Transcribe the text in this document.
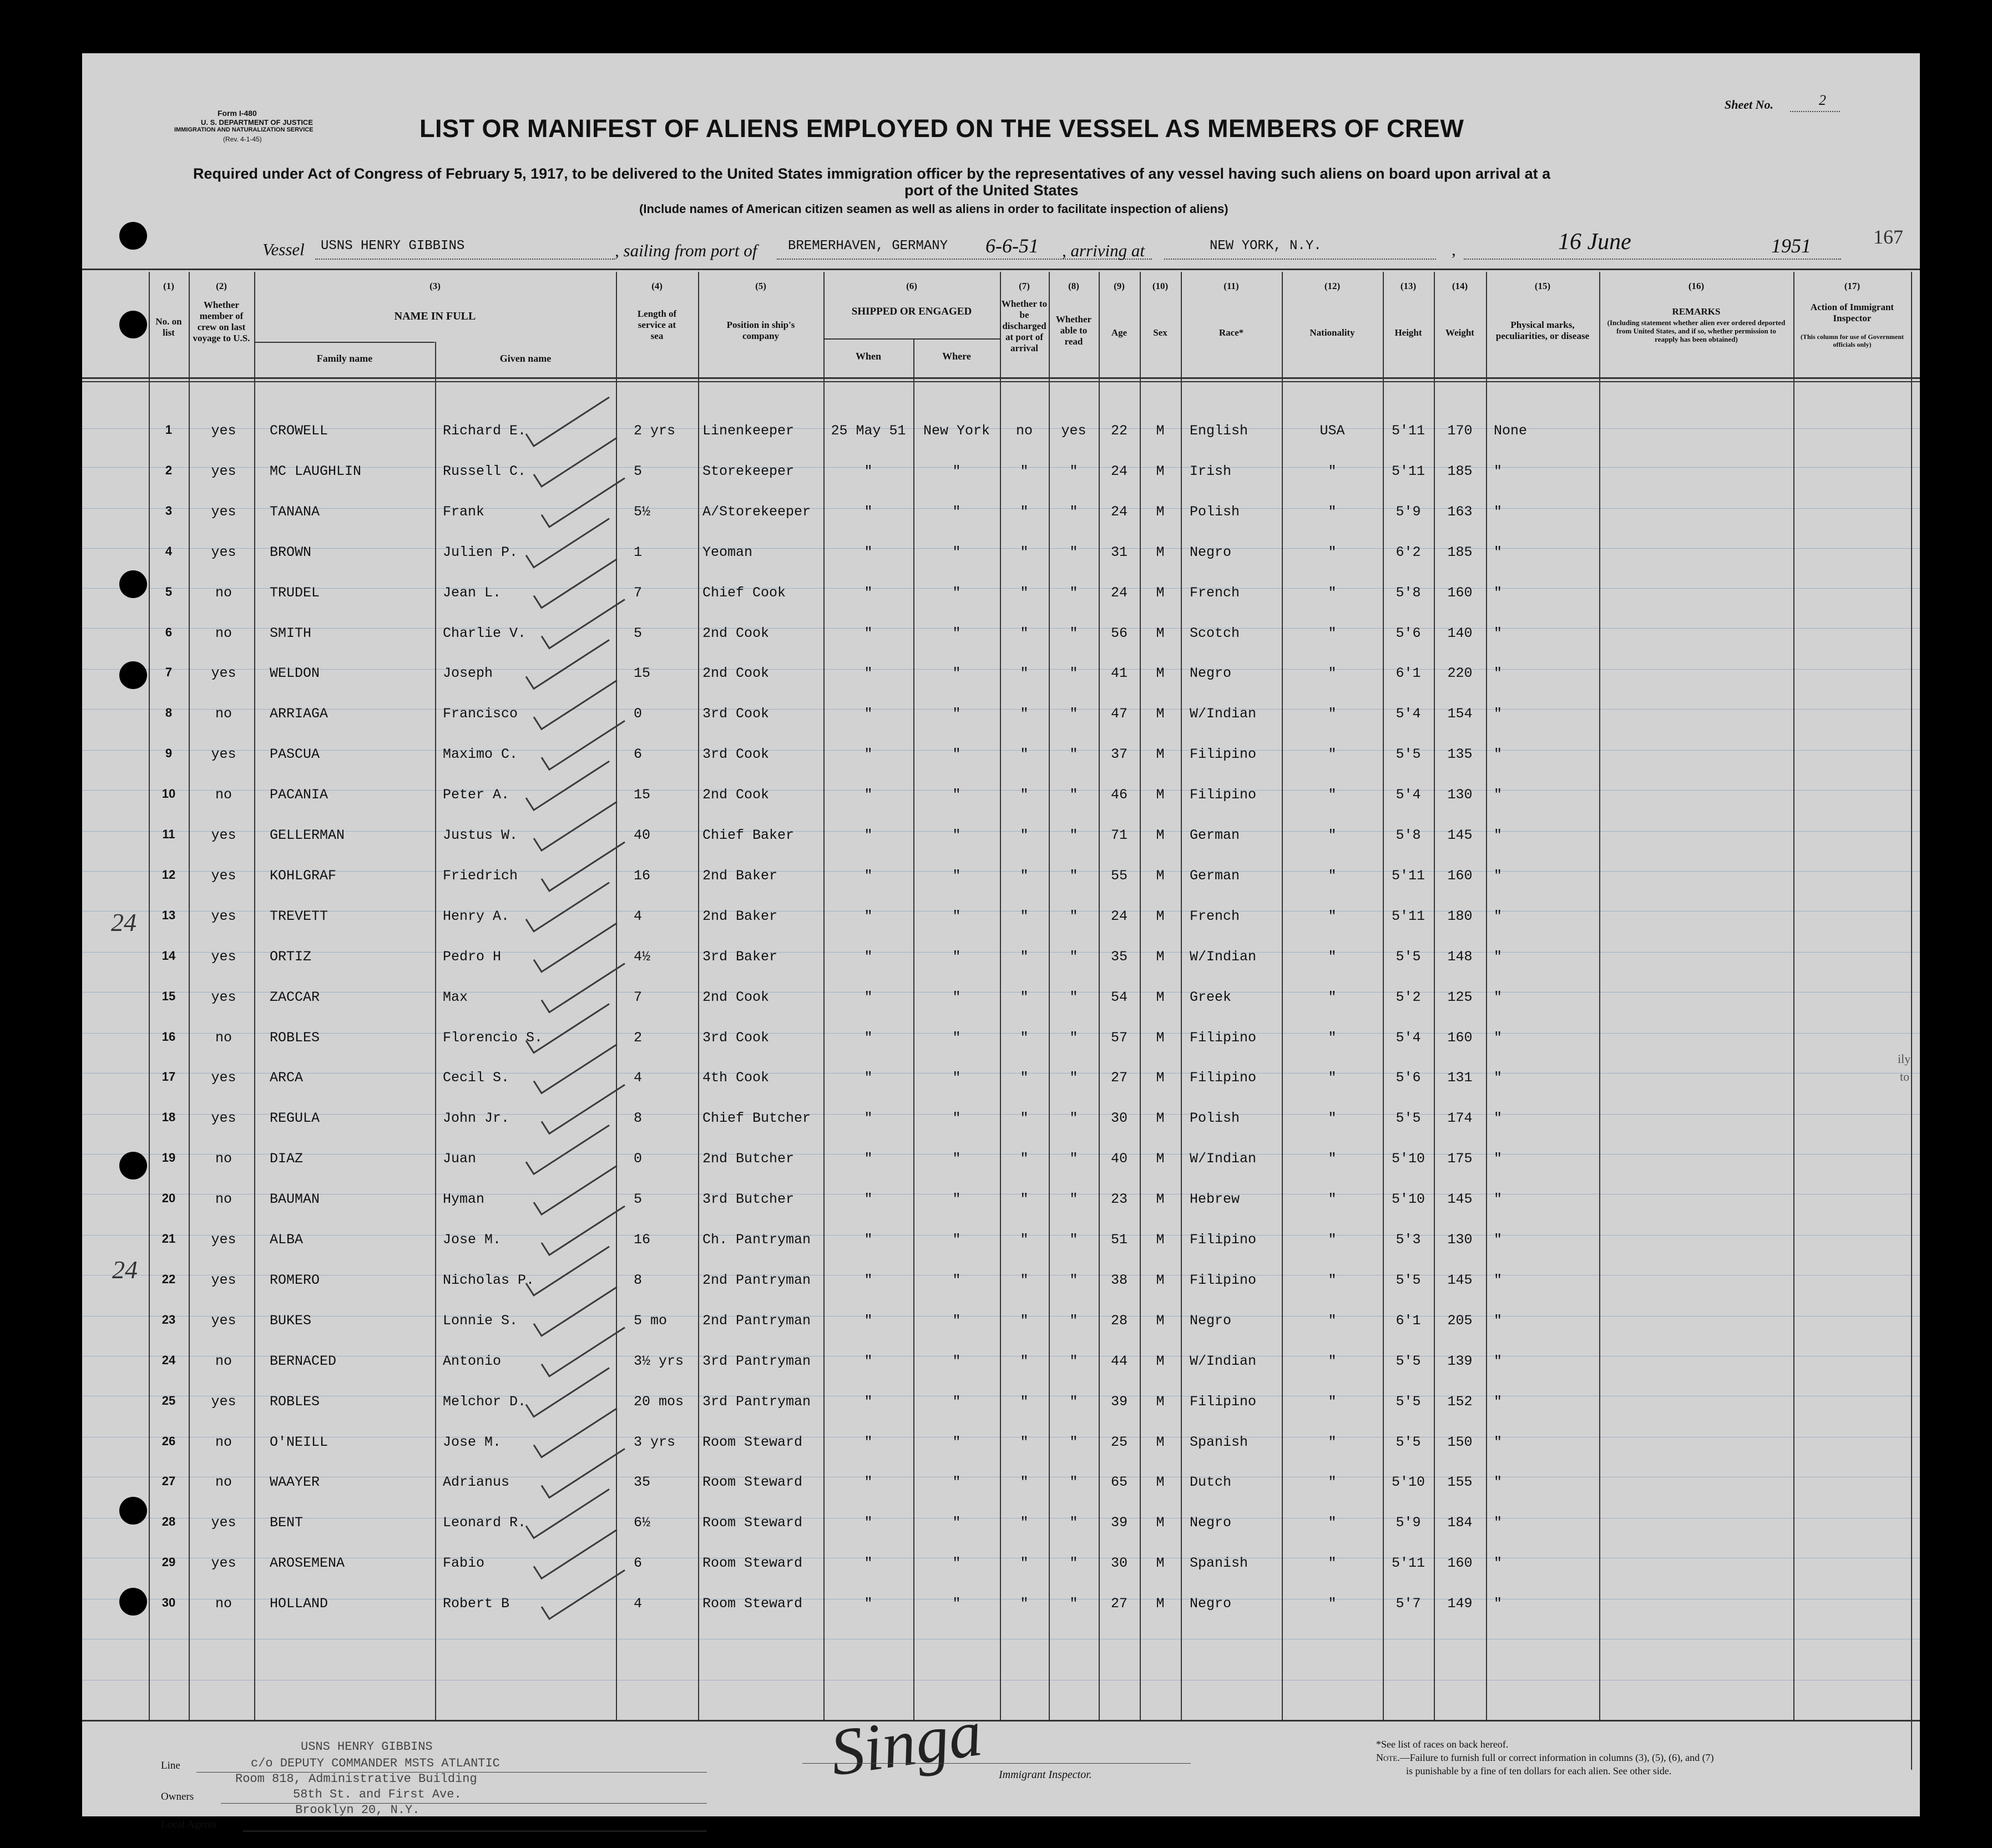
Form I-480
U. S. DEPARTMENT OF JUSTICE
IMMIGRATION AND NATURALIZATION SERVICE
(Rev. 4-1-45)
Sheet No.	2
LIST OR MANIFEST OF ALIENS EMPLOYED ON THE VESSEL AS MEMBERS OF CREW
Required under Act of Congress of February 5, 1917, to be delivered to the United States immigration officer by the representatives of any vessel having such aliens on board upon arrival at a
port of the United States
(Include names of American citizen seamen as well as aliens in order to facilitate inspection of aliens)
Vessel USNS HENRY GIBBINS	, sailing from port of BREMERHAVEN, GERMANY 6-6-51 , arriving at	NEW YORK, N.Y.	,	16 June	1951	167
(1)
No. on list
(2)
Whether member of crew on last voyage to U.S.
(3)
NAME IN FULL
Family name	Given name
(4)
Length of service at sea
(5)
Position in ship's company
(6)
SHIPPED OR ENGAGED
When	Where
(7)
Whether to be discharged at port of arrival
(8)
Whether able to read
(9)
Age
(10)
Sex
(11)
Race*
(12)
Nationality
(13)
Height
(14)
Weight
(15)
Physical marks, peculiarities, or disease
(16)
REMARKS
(Including statement whether alien ever ordered deported from United States, and if so, whether permission to reapply has been obtained)
(17)
Action of Immigrant Inspector
(This column for use of Government officials only)
1	yes	CROWELL	Richard E.	2 yrs	Linenkeeper	25 May 51	New York	no	yes	22	M	English	USA	5'11	170	None
2	yes	MC LAUGHLIN	Russell C.	5	Storekeeper	"	"	"	"	24	M	Irish	"	5'11	185	"
3	yes	TANANA	Frank	5½	A/Storekeeper	"	"	"	"	24	M	Polish	"	5'9	163	"
4	yes	BROWN	Julien P.	1	Yeoman	"	"	"	"	31	M	Negro	"	6'2	185	"
5	no	TRUDEL	Jean L.	7	Chief Cook	"	"	"	"	24	M	French	"	5'8	160	"
6	no	SMITH	Charlie V.	5	2nd Cook	"	"	"	"	56	M	Scotch	"	5'6	140	"
7	yes	WELDON	Joseph	15	2nd Cook	"	"	"	"	41	M	Negro	"	6'1	220	"
8	no	ARRIAGA	Francisco	0	3rd Cook	"	"	"	"	47	M	W/Indian	"	5'4	154	"
9	yes	PASCUA	Maximo C.	6	3rd Cook	"	"	"	"	37	M	Filipino	"	5'5	135	"
10	no	PACANIA	Peter A.	15	2nd Cook	"	"	"	"	46	M	Filipino	"	5'4	130	"
11	yes	GELLERMAN	Justus W.	40	Chief Baker	"	"	"	"	71	M	German	"	5'8	145	"
12	yes	KOHLGRAF	Friedrich	16	2nd Baker	"	"	"	"	55	M	German	"	5'11	160	"
13	yes	TREVETT	Henry A.	4	2nd Baker	"	"	"	"	24	M	French	"	5'11	180	"
14	yes	ORTIZ	Pedro H	4½	3rd Baker	"	"	"	"	35	M	W/Indian	"	5'5	148	"
15	yes	ZACCAR	Max	7	2nd Cook	"	"	"	"	54	M	Greek	"	5'2	125	"
16	no	ROBLES	Florencio S.	2	3rd Cook	"	"	"	"	57	M	Filipino	"	5'4	160	"
17	yes	ARCA	Cecil S.	4	4th Cook	"	"	"	"	27	M	Filipino	"	5'6	131	"
18	yes	REGULA	John Jr.	8	Chief Butcher	"	"	"	"	30	M	Polish	"	5'5	174	"
19	no	DIAZ	Juan	0	2nd Butcher	"	"	"	"	40	M	W/Indian	"	5'10	175	"
20	no	BAUMAN	Hyman	5	3rd Butcher	"	"	"	"	23	M	Hebrew	"	5'10	145	"
21	yes	ALBA	Jose M.	16	Ch. Pantryman	"	"	"	"	51	M	Filipino	"	5'3	130	"
22	yes	ROMERO	Nicholas P.	8	2nd Pantryman	"	"	"	"	38	M	Filipino	"	5'5	145	"
23	yes	BUKES	Lonnie S.	5 mo	2nd Pantryman	"	"	"	"	28	M	Negro	"	6'1	205	"
24	no	BERNACED	Antonio	3½ yrs	3rd Pantryman	"	"	"	"	44	M	W/Indian	"	5'5	139	"
25	yes	ROBLES	Melchor D.	20 mos	3rd Pantryman	"	"	"	"	39	M	Filipino	"	5'5	152	"
26	no	O'NEILL	Jose M.	3 yrs	Room Steward	"	"	"	"	25	M	Spanish	"	5'5	150	"
27	no	WAAYER	Adrianus	35	Room Steward	"	"	"	"	65	M	Dutch	"	5'10	155	"
28	yes	BENT	Leonard R.	6½	Room Steward	"	"	"	"	39	M	Negro	"	5'9	184	"
29	yes	AROSEMENA	Fabio	6	Room Steward	"	"	"	"	30	M	Spanish	"	5'11	160	"
30	no	HOLLAND	Robert B	4	Room Steward	"	"	"	"	27	M	Negro	"	5'7	149	"
24
24
ily
to
Line
Owners
Local Agents
USNS HENRY GIBBINS
c/o DEPUTY COMMANDER MSTS ATLANTIC
Room 818, Administrative Building
58th St. and First Ave.
Brooklyn 20, N.Y.
Singa Immigrant Inspector.
*See list of races on back hereof.
Note.—Failure to furnish full or correct information in columns (3), (5), (6), and (7)
is punishable by a fine of ten dollars for each alien. See other side.
